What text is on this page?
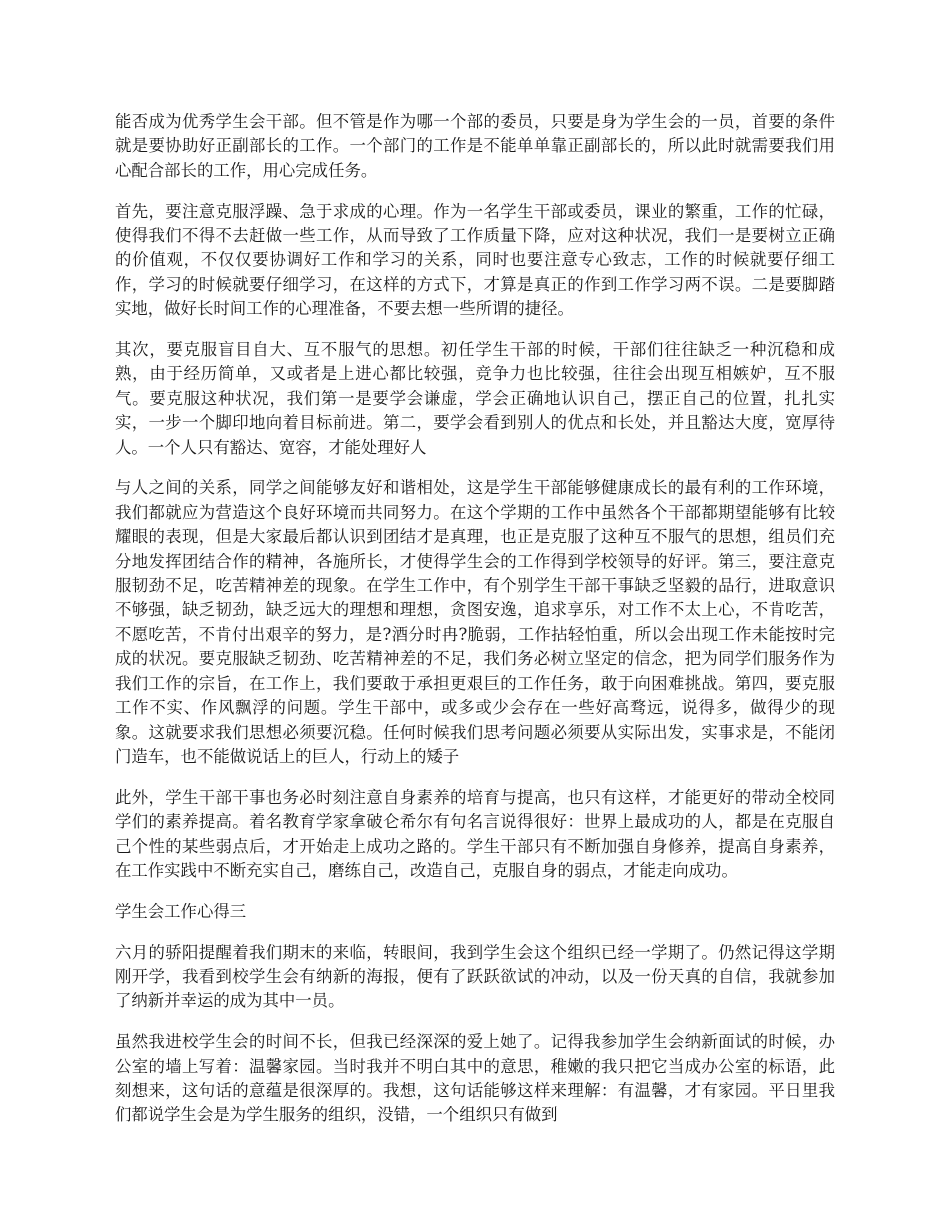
能否成为优秀学生会干部。但不管是作为哪一个部的委员，只要是身为学生会的一员，首要的条件就是要协助好正副部长的工作。一个部门的工作是不能单单靠正副部长的，所以此时就需要我们用心配合部长的工作，用心完成任务。

首先，要注意克服浮躁、急于求成的心理。作为一名学生干部或委员，课业的繁重，工作的忙碌，使得我们不得不去赶做一些工作，从而导致了工作质量下降，应对这种状况，我们一是要树立正确的价值观，不仅仅要协调好工作和学习的关系，同时也要注意专心致志，工作的时候就要仔细工作，学习的时候就要仔细学习，在这样的方式下，才算是真正的作到工作学习两不误。二是要脚踏实地，做好长时间工作的心理准备，不要去想一些所谓的捷径。

其次，要克服盲目自大、互不服气的思想。初任学生干部的时候，干部们往往缺乏一种沉稳和成熟，由于经历简单，又或者是上进心都比较强，竞争力也比较强，往往会出现互相嫉妒，互不服气。要克服这种状况，我们第一是要学会谦虚，学会正确地认识自己，摆正自己的位置，扎扎实实，一步一个脚印地向着目标前进。第二，要学会看到别人的优点和长处，并且豁达大度，宽厚待人。一个人只有豁达、宽容，才能处理好人

与人之间的关系，同学之间能够友好和谐相处，这是学生干部能够健康成长的最有利的工作环境，我们都就应为营造这个良好环境而共同努力。在这个学期的工作中虽然各个干部都期望能够有比较耀眼的表现，但是大家最后都认识到团结才是真理，也正是克服了这种互不服气的思想，组员们充分地发挥团结合作的精神，各施所长，才使得学生会的工作得到学校领导的好评。第三，要注意克服韧劲不足，吃苦精神差的现象。在学生工作中，有个别学生干部干事缺乏坚毅的品行，进取意识不够强，缺乏韧劲，缺乏远大的理想和理想，贪图安逸，追求享乐，对工作不太上心，不肯吃苦，不愿吃苦，不肯付出艰辛的努力，是?酒分时冉?脆弱，工作拈轻怕重，所以会出现工作未能按时完成的状况。要克服缺乏韧劲、吃苦精神差的不足，我们务必树立坚定的信念，把为同学们服务作为我们工作的宗旨，在工作上，我们要敢于承担更艰巨的工作任务，敢于向困难挑战。第四，要克服工作不实、作风飘浮的问题。学生干部中，或多或少会存在一些好高骛远，说得多，做得少的现象。这就要求我们思想必须要沉稳。任何时候我们思考问题必须要从实际出发，实事求是，不能闭门造车，也不能做说话上的巨人，行动上的矮子

此外，学生干部干事也务必时刻注意自身素养的培育与提高，也只有这样，才能更好的带动全校同学们的素养提高。着名教育学家拿破仑希尔有句名言说得很好：世界上最成功的人，都是在克服自己个性的某些弱点后，才开始走上成功之路的。学生干部只有不断加强自身修养，提高自身素养，在工作实践中不断充实自己，磨练自己，改造自己，克服自身的弱点，才能走向成功。

学生会工作心得三

六月的骄阳提醒着我们期末的来临，转眼间，我到学生会这个组织已经一学期了。仍然记得这学期刚开学，我看到校学生会有纳新的海报，便有了跃跃欲试的冲动，以及一份天真的自信，我就参加了纳新并幸运的成为其中一员。

虽然我进校学生会的时间不长，但我已经深深的爱上她了。记得我参加学生会纳新面试的时候，办公室的墙上写着：温馨家园。当时我并不明白其中的意思，稚嫩的我只把它当成办公室的标语，此刻想来，这句话的意蕴是很深厚的。我想，这句话能够这样来理解：有温馨，才有家园。平日里我们都说学生会是为学生服务的组织，没错，一个组织只有做到
